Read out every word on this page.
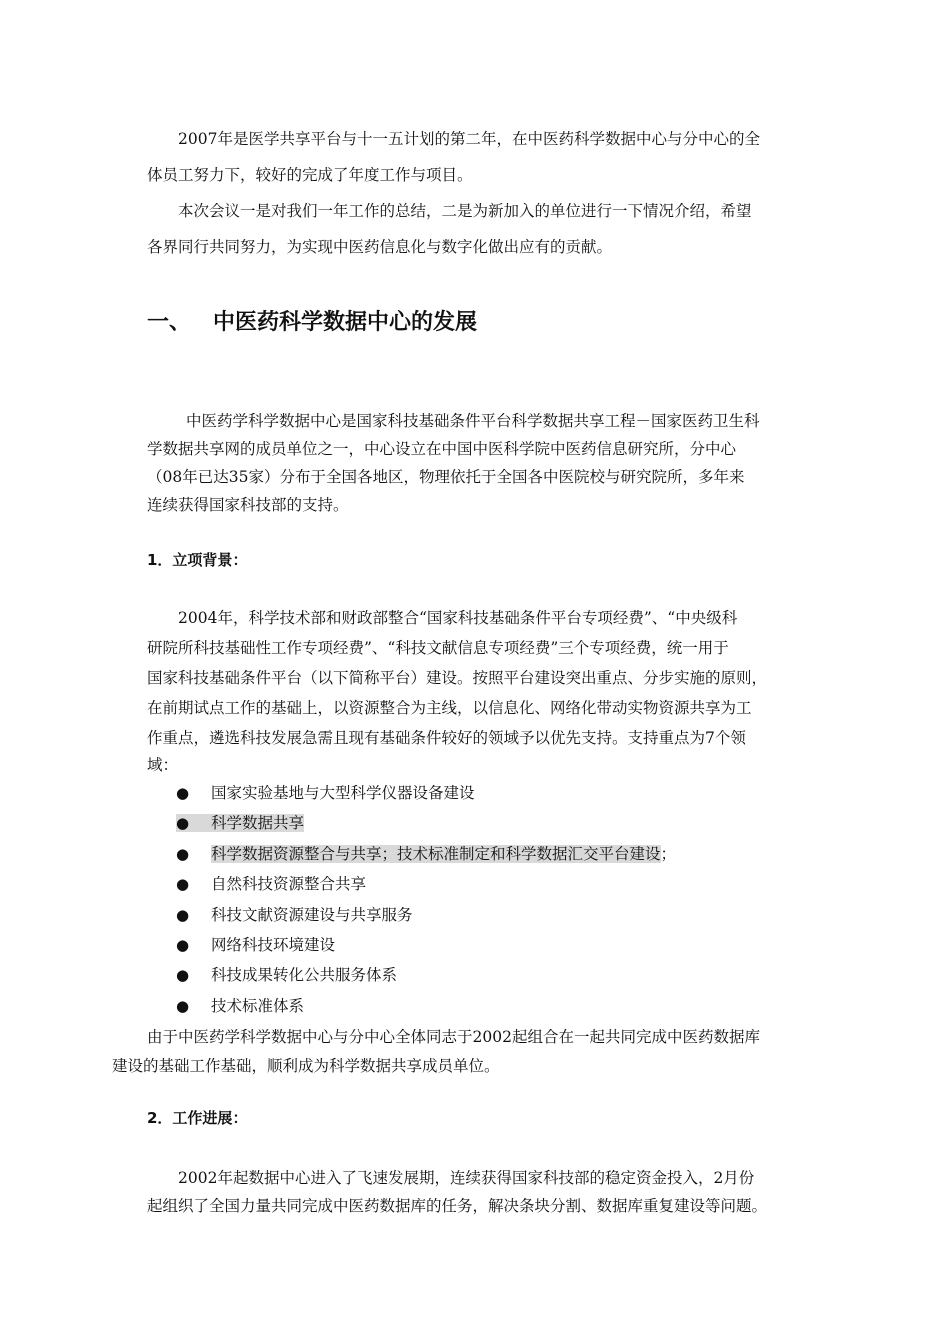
2007年是医学共享平台与十一五计划的第二年，在中医药科学数据中心与分中心的全

体员工努力下，较好的完成了年度工作与项目。

本次会议一是对我们一年工作的总结，二是为新加入的单位进行一下情况介绍，希望

各界同行共同努力，为实现中医药信息化与数字化做出应有的贡献。

一、 中医药科学数据中心的发展

中医药学科学数据中心是国家科技基础条件平台科学数据共享工程－国家医药卫生科

学数据共享网的成员单位之一，中心设立在中国中医科学院中医药信息研究所，分中心

（08年已达35家）分布于全国各地区，物理依托于全国各中医院校与研究院所，多年来

连续获得国家科技部的支持。

1．立项背景：

2004年，科学技术部和财政部整合“国家科技基础条件平台专项经费”、“中央级科

研院所科技基础性工作专项经费”、“科技文献信息专项经费”三个专项经费，统一用于

国家科技基础条件平台（以下简称平台）建设。按照平台建设突出重点、分步实施的原则，

在前期试点工作的基础上，以资源整合为主线，以信息化、网络化带动实物资源共享为工

作重点，遴选科技发展急需且现有基础条件较好的领域予以优先支持。支持重点为7个领

域：

● 国家实验基地与大型科学仪器设备建设
● 科学数据共享
● 科学数据资源整合与共享；技术标准制定和科学数据汇交平台建设；
● 自然科技资源整合共享
● 科技文献资源建设与共享服务
● 网络科技环境建设
● 科技成果转化公共服务体系
● 技术标准体系

由于中医药学科学数据中心与分中心全体同志于2002起组合在一起共同完成中医药数据库

建设的基础工作基础，顺利成为科学数据共享成员单位。

2．工作进展：

2002年起数据中心进入了飞速发展期，连续获得国家科技部的稳定资金投入，2月份

起组织了全国力量共同完成中医药数据库的任务，解决条块分割、数据库重复建设等问题。
